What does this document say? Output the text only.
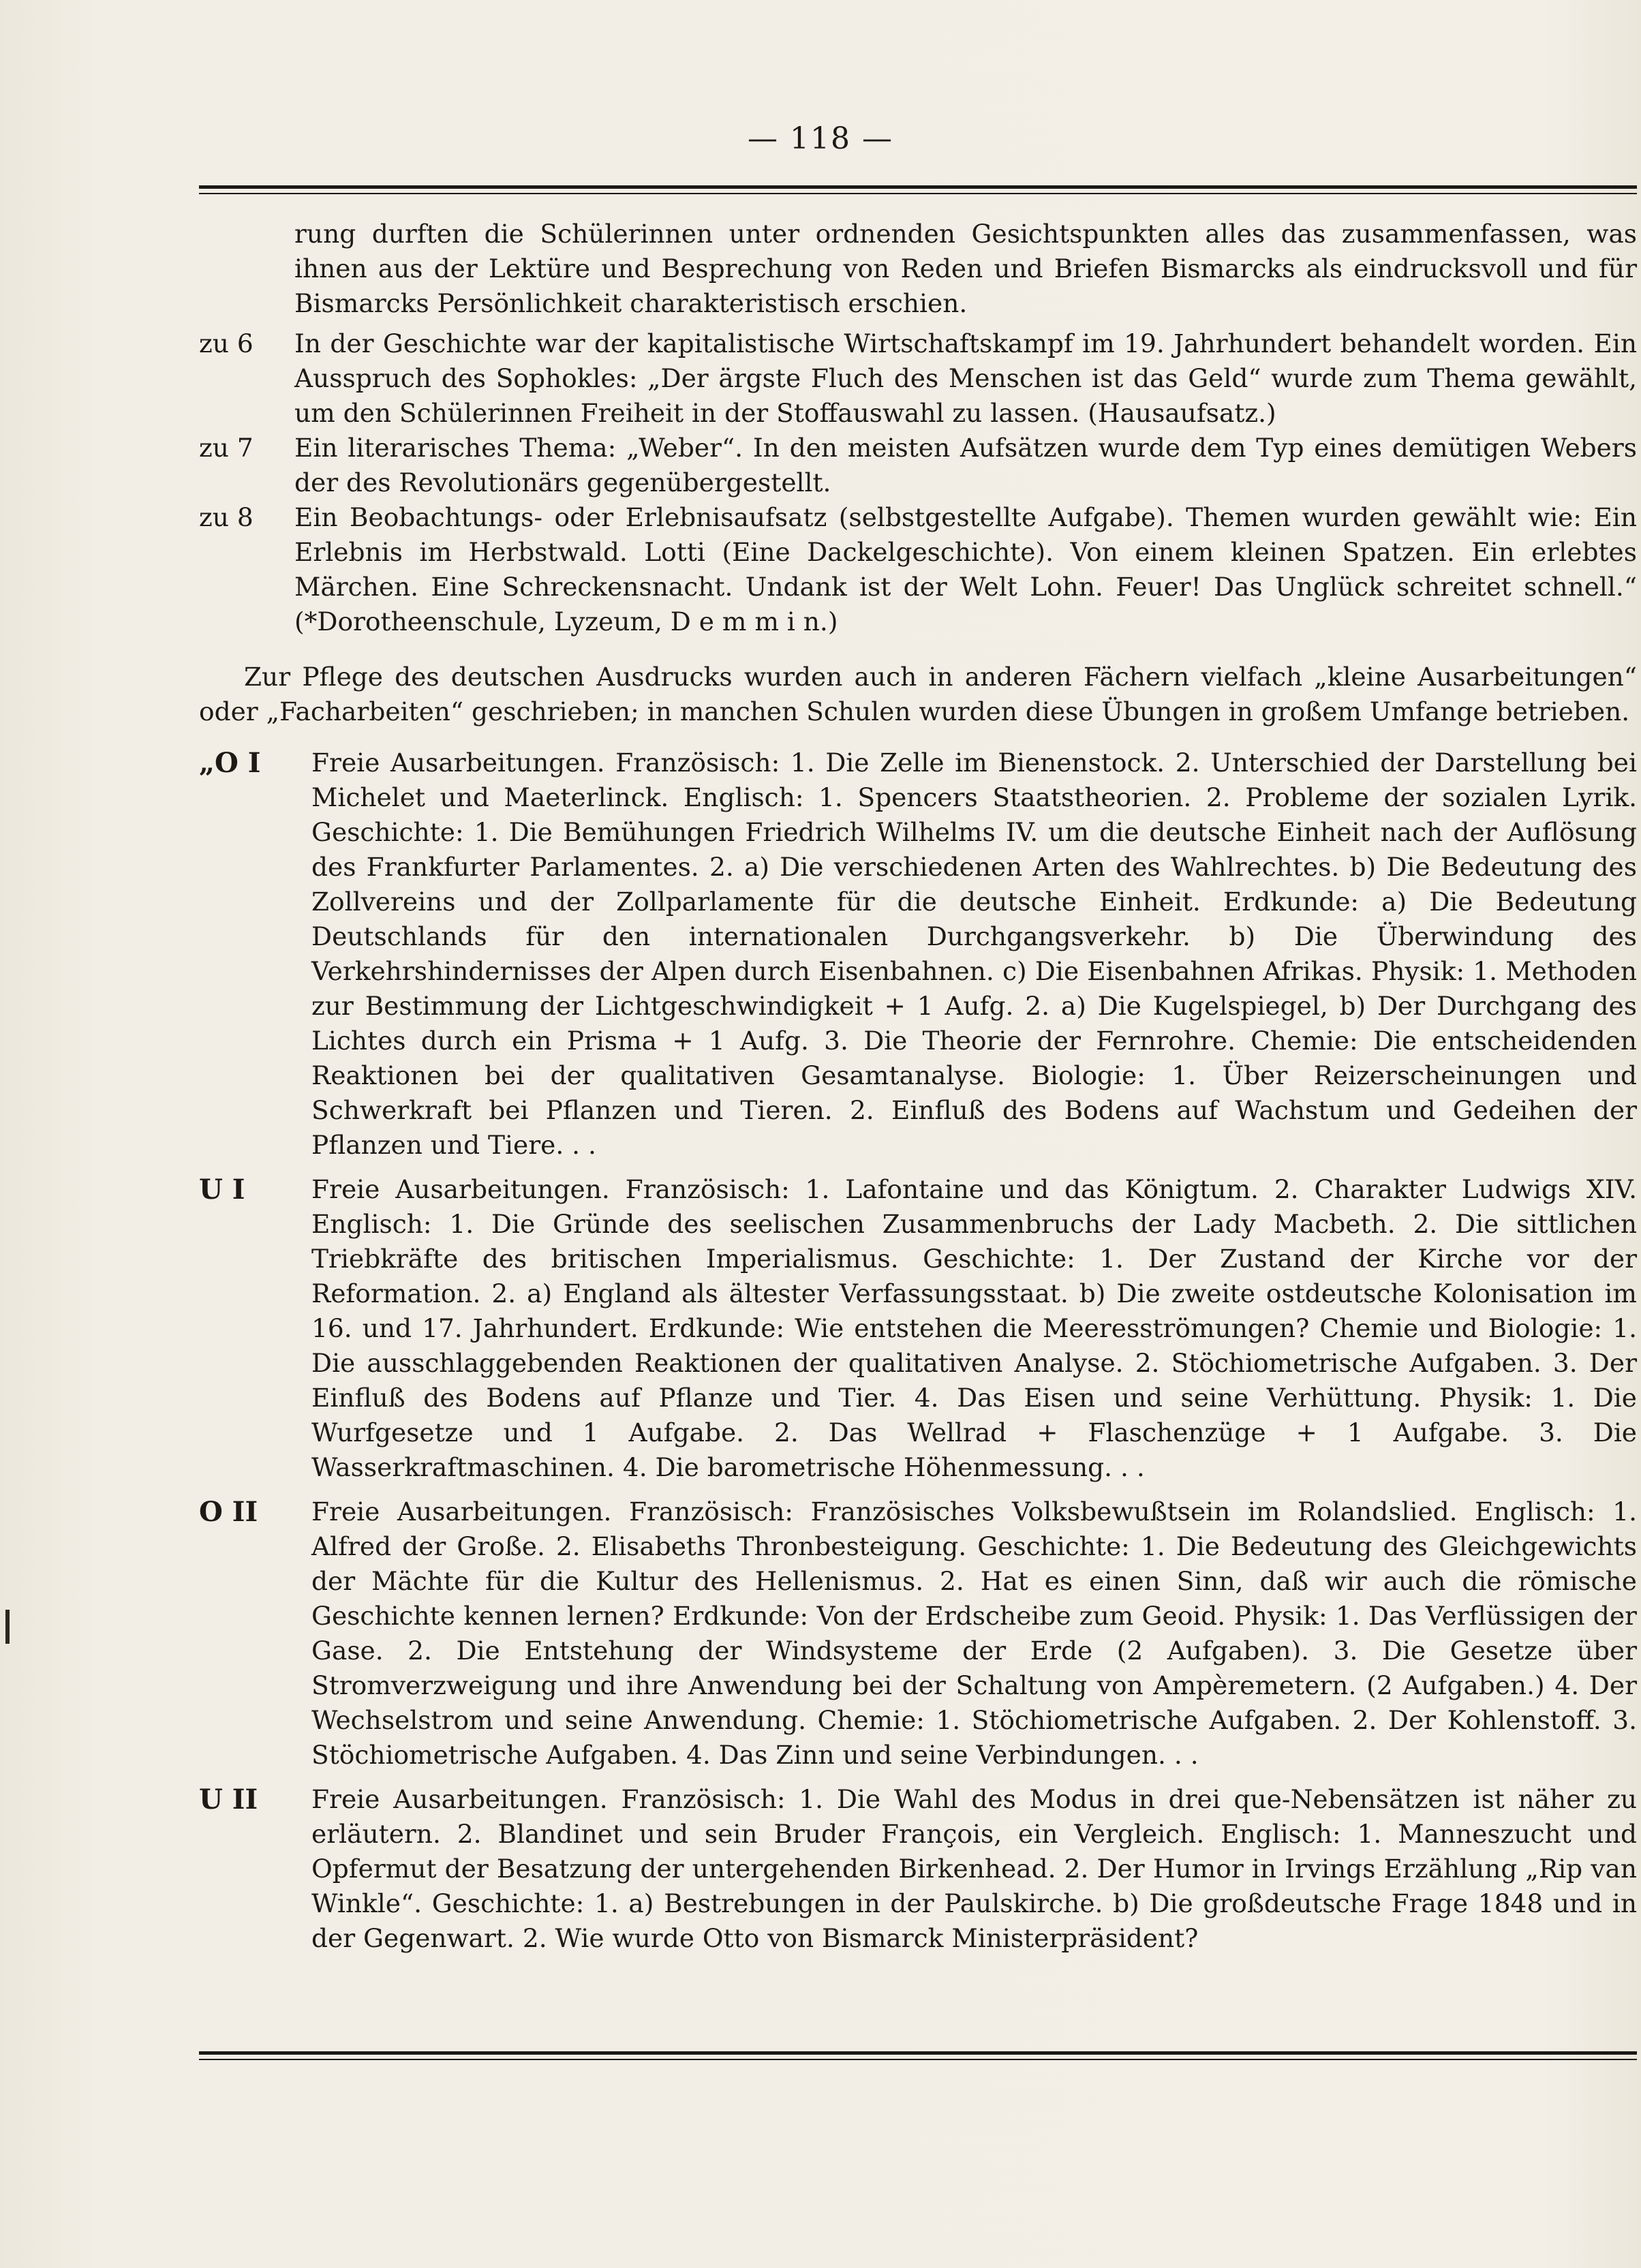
— 118 —

rung durften die Schülerinnen unter ordnenden Gesichtspunkten alles das zusammenfassen, was ihnen aus der Lektüre und Besprechung von Reden und Briefen Bismarcks als eindrucksvoll und für Bismarcks Persönlichkeit charakteristisch erschien.

zu 6	In der Geschichte war der kapitalistische Wirtschaftskampf im 19. Jahrhundert behandelt worden. Ein Ausspruch des Sophokles: „Der ärgste Fluch des Menschen ist das Geld“ wurde zum Thema gewählt, um den Schülerinnen Freiheit in der Stoffauswahl zu lassen. (Hausaufsatz.)
zu 7	Ein literarisches Thema: „Weber“. In den meisten Aufsätzen wurde dem Typ eines demütigen Webers der des Revolutionärs gegenübergestellt.
zu 8	Ein Beobachtungs- oder Erlebnisaufsatz (selbstgestellte Aufgabe). Themen wurden gewählt wie: Ein Erlebnis im Herbstwald. Lotti (Eine Dackelgeschichte). Von einem kleinen Spatzen. Ein erlebtes Märchen. Eine Schreckensnacht. Undank ist der Welt Lohn. Feuer! Das Unglück schreitet schnell.“ (*Dorotheenschule, Lyzeum, D e m m i n.)

Zur Pflege des deutschen Ausdrucks wurden auch in anderen Fächern vielfach „kleine Ausarbeitungen“ oder „Facharbeiten“ geschrieben; in manchen Schulen wurden diese Übungen in großem Umfange betrieben.

„O I	Freie Ausarbeitungen. Französisch: 1. Die Zelle im Bienenstock. 2. Unterschied der Darstellung bei Michelet und Maeterlinck. Englisch: 1. Spencers Staatstheorien. 2. Probleme der sozialen Lyrik. Geschichte: 1. Die Bemühungen Friedrich Wilhelms IV. um die deutsche Einheit nach der Auflösung des Frankfurter Parlamentes. 2. a) Die verschiedenen Arten des Wahlrechtes. b) Die Bedeutung des Zollvereins und der Zollparlamente für die deutsche Einheit. Erdkunde: a) Die Bedeutung Deutschlands für den internationalen Durchgangsverkehr. b) Die Überwindung des Verkehrshindernisses der Alpen durch Eisenbahnen. c) Die Eisenbahnen Afrikas. Physik: 1. Methoden zur Bestimmung der Lichtgeschwindigkeit + 1 Aufg. 2. a) Die Kugelspiegel, b) Der Durchgang des Lichtes durch ein Prisma + 1 Aufg. 3. Die Theorie der Fernrohre. Chemie: Die entscheidenden Reaktionen bei der qualitativen Gesamtanalyse. Biologie: 1. Über Reizerscheinungen und Schwerkraft bei Pflanzen und Tieren. 2. Einfluß des Bodens auf Wachstum und Gedeihen der Pflanzen und Tiere. . .
U I	Freie Ausarbeitungen. Französisch: 1. Lafontaine und das Königtum. 2. Charakter Ludwigs XIV. Englisch: 1. Die Gründe des seelischen Zusammenbruchs der Lady Macbeth. 2. Die sittlichen Triebkräfte des britischen Imperialismus. Geschichte: 1. Der Zustand der Kirche vor der Reformation. 2. a) England als ältester Verfassungsstaat. b) Die zweite ostdeutsche Kolonisation im 16. und 17. Jahrhundert. Erdkunde: Wie entstehen die Meeresströmungen? Chemie und Biologie: 1. Die ausschlaggebenden Reaktionen der qualitativen Analyse. 2. Stöchiometrische Aufgaben. 3. Der Einfluß des Bodens auf Pflanze und Tier. 4. Das Eisen und seine Verhüttung. Physik: 1. Die Wurfgesetze und 1 Aufgabe. 2. Das Wellrad + Flaschenzüge + 1 Aufgabe. 3. Die Wasserkraftmaschinen. 4. Die barometrische Höhenmessung. . .
O II	Freie Ausarbeitungen. Französisch: Französisches Volksbewußtsein im Rolandslied. Englisch: 1. Alfred der Große. 2. Elisabeths Thronbesteigung. Geschichte: 1. Die Bedeutung des Gleichgewichts der Mächte für die Kultur des Hellenismus. 2. Hat es einen Sinn, daß wir auch die römische Geschichte kennen lernen? Erdkunde: Von der Erdscheibe zum Geoid. Physik: 1. Das Verflüssigen der Gase. 2. Die Entstehung der Windsysteme der Erde (2 Aufgaben). 3. Die Gesetze über Stromverzweigung und ihre Anwendung bei der Schaltung von Ampèremetern. (2 Aufgaben.) 4. Der Wechselstrom und seine Anwendung. Chemie: 1. Stöchiometrische Aufgaben. 2. Der Kohlenstoff. 3. Stöchiometrische Aufgaben. 4. Das Zinn und seine Verbindungen. . .
U II	Freie Ausarbeitungen. Französisch: 1. Die Wahl des Modus in drei que-Nebensätzen ist näher zu erläutern. 2. Blandinet und sein Bruder François, ein Vergleich. Englisch: 1. Manneszucht und Opfermut der Besatzung der untergehenden Birkenhead. 2. Der Humor in Irvings Erzählung „Rip van Winkle“. Geschichte: 1. a) Bestrebungen in der Paulskirche. b) Die großdeutsche Frage 1848 und in der Gegenwart. 2. Wie wurde Otto von Bismarck Ministerpräsident?
